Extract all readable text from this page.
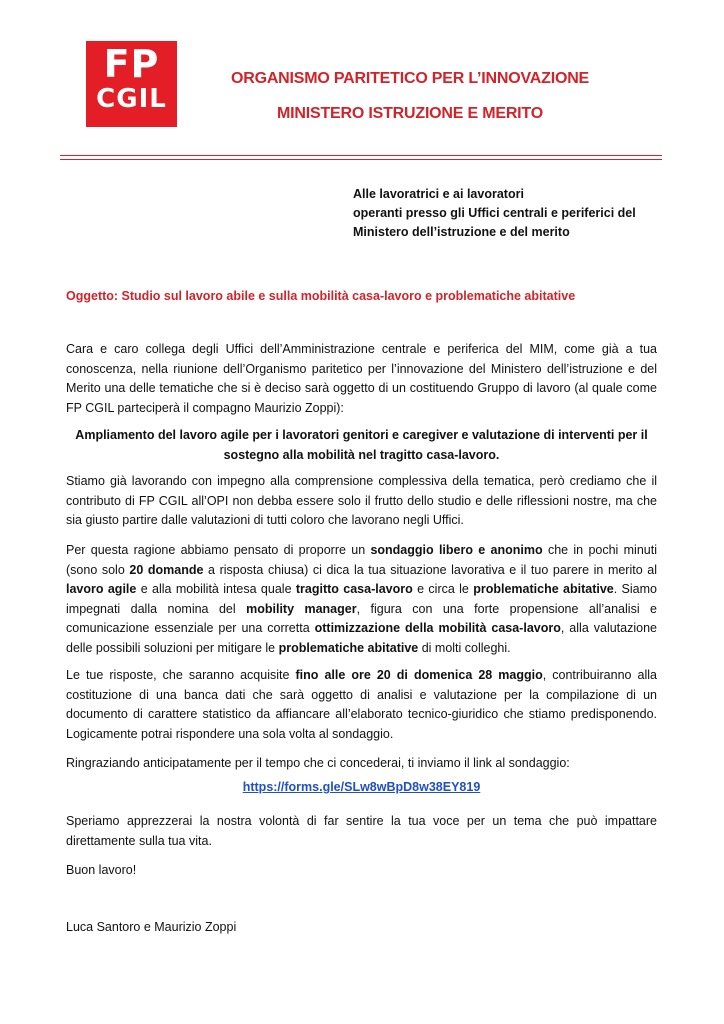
FP
CGIL
ORGANISMO PARITETICO PER L’INNOVAZIONE
MINISTERO ISTRUZIONE E MERITO
Alle lavoratrici e ai lavoratori
operanti presso gli Uffici centrali e periferici del
Ministero dell’istruzione e del merito
Oggetto: Studio sul lavoro abile e sulla mobilità casa-lavoro e problematiche abitative
Cara e caro collega degli Uffici dell’Amministrazione centrale e periferica del MIM, come già a tua conoscenza, nella riunione dell’Organismo paritetico per l’innovazione del Ministero dell’istruzione e del Merito una delle tematiche che si è deciso sarà oggetto di un costituendo Gruppo di lavoro (al quale come FP CGIL parteciperà il compagno Maurizio Zoppi):
Ampliamento del lavoro agile per i lavoratori genitori e caregiver e valutazione di interventi per il sostegno alla mobilità nel tragitto casa-lavoro.
Stiamo già lavorando con impegno alla comprensione complessiva della tematica, però crediamo che il contributo di FP CGIL all’OPI non debba essere solo il frutto dello studio e delle riflessioni nostre, ma che sia giusto partire dalle valutazioni di tutti coloro che lavorano negli Uffici.
Per questa ragione abbiamo pensato di proporre un sondaggio libero e anonimo che in pochi minuti (sono solo 20 domande a risposta chiusa) ci dica la tua situazione lavorativa e il tuo parere in merito al lavoro agile e alla mobilità intesa quale tragitto casa-lavoro e circa le problematiche abitative. Siamo impegnati dalla nomina del mobility manager, figura con una forte propensione all’analisi e comunicazione essenziale per una corretta ottimizzazione della mobilità casa-lavoro, alla valutazione delle possibili soluzioni per mitigare le problematiche abitative di molti colleghi.
Le tue risposte, che saranno acquisite fino alle ore 20 di domenica 28 maggio, contribuiranno alla costituzione di una banca dati che sarà oggetto di analisi e valutazione per la compilazione di un documento di carattere statistico da affiancare all’elaborato tecnico-giuridico che stiamo predisponendo. Logicamente potrai rispondere una sola volta al sondaggio.
Ringraziando anticipatamente per il tempo che ci concederai, ti inviamo il link al sondaggio:
https://forms.gle/SLw8wBpD8w38EY819
Speriamo apprezzerai la nostra volontà di far sentire la tua voce per un tema che può impattare direttamente sulla tua vita.
Buon lavoro!
Luca Santoro e Maurizio Zoppi
